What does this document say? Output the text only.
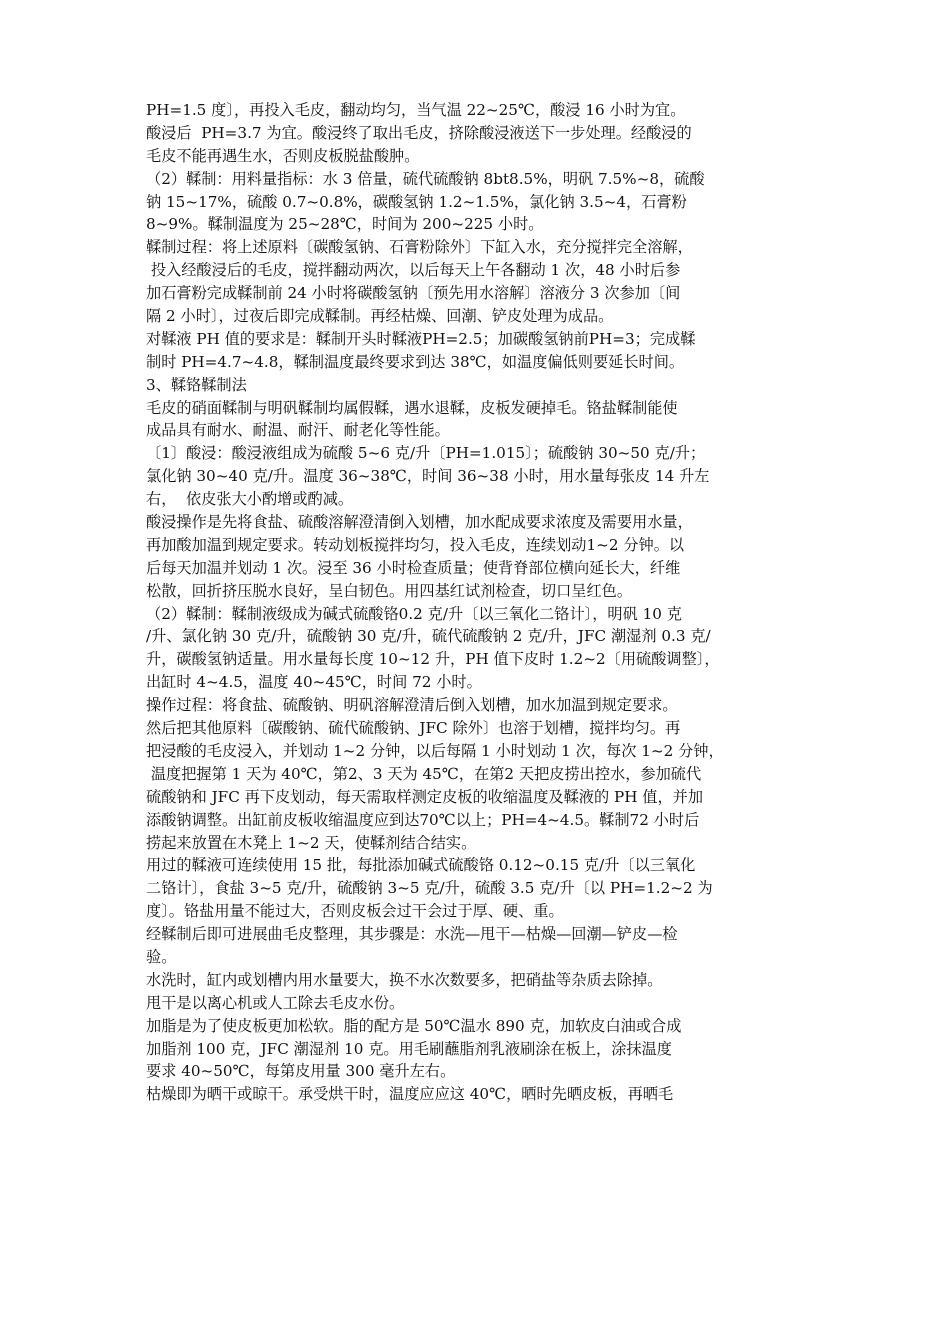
PH=1.5 度〕，再投入毛皮，翻动均匀，当气温 22~25℃，酸浸 16 小时为宜。
酸浸后  PH=3.7 为宜。酸浸终了取出毛皮，挤除酸浸液送下一步处理。经酸浸的
毛皮不能再遇生水，否则皮板脱盐酸肿。
（2）鞣制：用料量指标：水 3 倍量，硫代硫酸钠 8bt8.5%，明矾 7.5%~8，硫酸
钠 15~17%，硫酸 0.7~0.8%，碳酸氢钠 1.2~1.5%，氯化钠 3.5~4，石膏粉
8~9%。鞣制温度为 25~28℃，时间为 200~225 小时。
鞣制过程：将上述原料〔碳酸氢钠、石膏粉除外〕下缸入水，充分搅拌完全溶解，
投入经酸浸后的毛皮，搅拌翻动两次，以后每天上午各翻动 1 次，48 小时后参
加石膏粉完成鞣制前 24 小时将碳酸氢钠〔预先用水溶解〕溶液分 3 次参加〔间
隔 2 小时〕，过夜后即完成鞣制。再经枯燥、回潮、铲皮处理为成品。
对鞣液 PH 值的要求是：鞣制开头时鞣液PH=2.5；加碳酸氢钠前PH=3；完成鞣
制时 PH=4.7~4.8，鞣制温度最终要求到达 38℃，如温度偏低则要延长时间。
3、鞣铬鞣制法
毛皮的硝面鞣制与明矾鞣制均属假鞣，遇水退鞣，皮板发硬掉毛。铬盐鞣制能使
成品具有耐水、耐温、耐汗、耐老化等性能。
〔1〕酸浸：酸浸液组成为硫酸 5~6 克/升〔PH=1.015〕；硫酸钠 30~50 克/升；
氯化钠 30~40 克/升。温度 36~38℃，时间 36~38 小时，用水量每张皮 14 升左
右，  依皮张大小酌增或酌减。
酸浸操作是先将食盐、硫酸溶解澄清倒入划槽，加水配成要求浓度及需要用水量，
再加酸加温到规定要求。转动划板搅拌均匀，投入毛皮，连续划动1~2 分钟。以
后每天加温并划动 1 次。浸至 36 小时检查质量；使背脊部位横向延长大，纤维
松散，回折挤压脱水良好，呈白韧色。用四基红试剂检查，切口呈红色。
（2）鞣制：鞣制液级成为碱式硫酸铬0.2 克/升〔以三氧化二铬计〕，明矾 10 克
/升、氯化钠 30 克/升，硫酸钠 30 克/升，硫代硫酸钠 2 克/升，JFC 潮湿剂 0.3 克/
升，碳酸氢钠适量。用水量每长度 10~12 升，PH 值下皮时 1.2~2〔用硫酸调整〕，
出缸时 4~4.5，温度 40~45℃，时间 72 小时。
操作过程：将食盐、硫酸钠、明矾溶解澄清后倒入划槽，加水加温到规定要求。
然后把其他原料〔碳酸钠、硫代硫酸钠、JFC 除外〕也溶于划槽，搅拌均匀。再
把浸酸的毛皮浸入，并划动 1~2 分钟，以后每隔 1 小时划动 1 次，每次 1~2 分钟，
温度把握第 1 天为 40℃，第2、3 天为 45℃，在第2 天把皮捞出控水，参加硫代
硫酸钠和 JFC 再下皮划动，每天需取样测定皮板的收缩温度及鞣液的 PH 值，并加
添酸钠调整。出缸前皮板收缩温度应到达70℃以上；PH=4~4.5。鞣制72 小时后
捞起来放置在木凳上 1~2 天，使鞣剂结合结实。
用过的鞣液可连续使用 15 批，每批添加碱式硫酸铬 0.12~0.15 克/升〔以三氧化
二铬计〕，食盐 3~5 克/升，硫酸钠 3~5 克/升，硫酸 3.5 克/升〔以 PH=1.2~2 为
度〕。铬盐用量不能过大，否则皮板会过干会过于厚、硬、重。
经鞣制后即可进展曲毛皮整理，其步骤是：水洗—甩干—枯燥—回潮—铲皮—检
验。
水洗时，缸内或划槽内用水量要大，换不水次数要多，把硝盐等杂质去除掉。
甩干是以离心机或人工除去毛皮水份。
加脂是为了使皮板更加松软。脂的配方是 50℃温水 890 克，加软皮白油或合成
加脂剂 100 克，JFC 潮湿剂 10 克。用毛刷蘸脂剂乳液刷涂在板上，涂抹温度
要求 40~50℃，每第皮用量 300 毫升左右。
枯燥即为晒干或晾干。承受烘干时，温度应应这 40℃，晒时先晒皮板，再晒毛
